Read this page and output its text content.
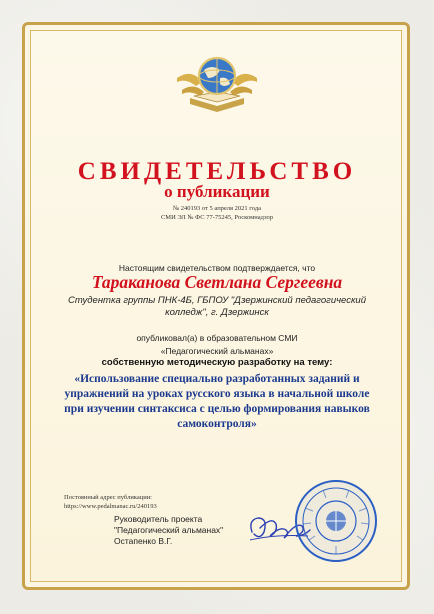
СВИДЕТЕЛЬСТВО
о публикации
№ 240193 от 5 апреля 2021 года
СМИ ЭЛ № ФС 77-75245, Роскомнадзор
Настоящим свидетельством подтверждается, что
Тараканова Светлана Сергеевна
Студентка группы ПНК-4Б, ГБПОУ "Дзержинский педагогический колледж", г. Дзержинск
опубликовал(а) в образовательном СМИ
«Педагогический альманах»
собственную методическую разработку на тему:
«Использование специально разработанных заданий и упражнений на уроках русского языка в начальной школе при изучении синтаксиса с целью формирования навыков самоконтроля»
Постоянный адрес публикации:
https://www.pedalmanac.ru/240193
Руководитель проекта
"Педагогический альманах"
Остапенко В.Г.
